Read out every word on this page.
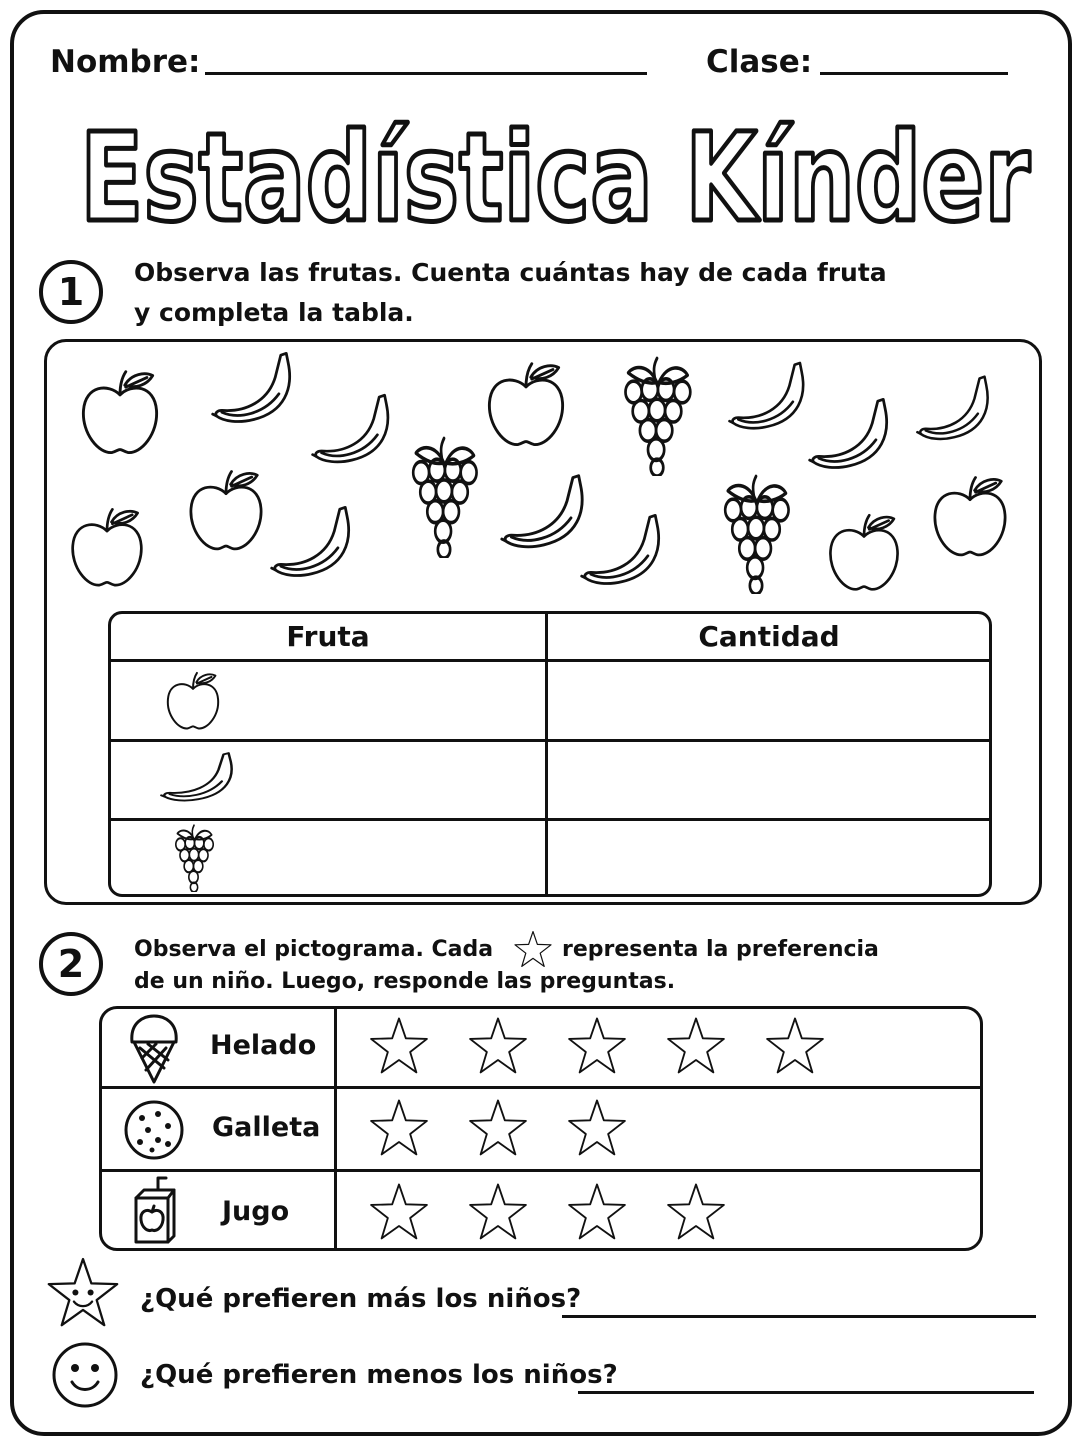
Nombre:	Clase:
Estadística Kínder
1	Observa las frutas. Cuenta cuántas hay de cada fruta
y completa la tabla.
Fruta	Cantidad
2	Observa el pictograma. Cada	representa la preferencia
de un niño. Luego, responde las preguntas.
Helado
Galleta
Jugo
¿Qué prefieren más los niños?
¿Qué prefieren menos los niños?
